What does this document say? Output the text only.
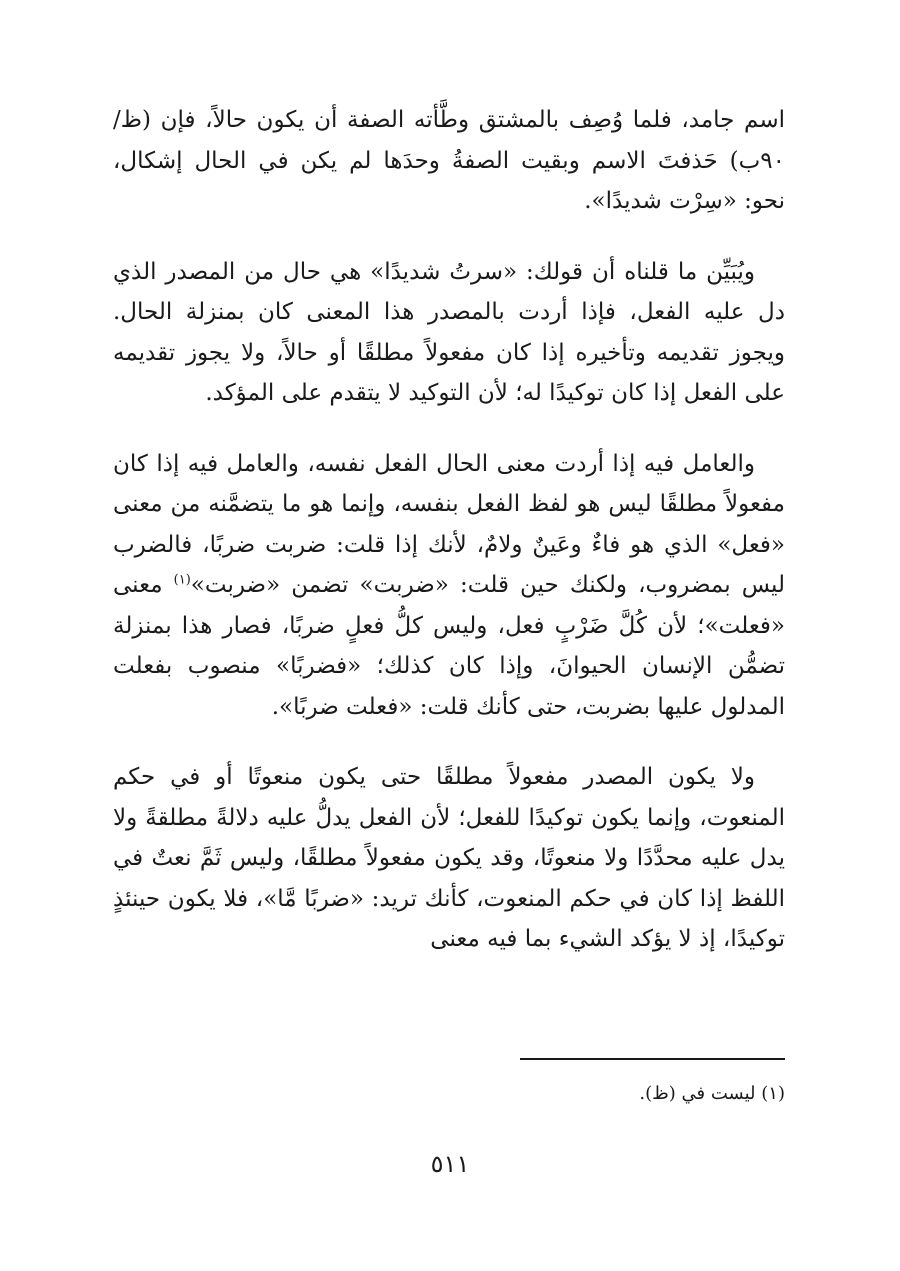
اسم جامد، فلما وُصِف بالمشتق وطَّأته الصفة أن يكون حالاً، فإن (ظ/٩٠ب) حَذفتَ الاسم وبقيت الصفةُ وحدَها لم يكن في الحال إشكال، نحو: «سِرْت شديدًا».

ويُبَيِّن ما قلناه أن قولك: «سرتُ شديدًا» هي حال من المصدر الذي دل عليه الفعل، فإذا أردت بالمصدر هذا المعنى كان بمنزلة الحال. ويجوز تقديمه وتأخيره إذا كان مفعولاً مطلقًا أو حالاً، ولا يجوز تقديمه على الفعل إذا كان توكيدًا له؛ لأن التوكيد لا يتقدم على المؤكد.

والعامل فيه إذا أردت معنى الحال الفعل نفسه، والعامل فيه إذا كان مفعولاً مطلقًا ليس هو لفظ الفعل بنفسه، وإنما هو ما يتضمَّنه من معنى «فعل» الذي هو فاءٌ وعَينٌ ولامٌ، لأنك إذا قلت: ضربت ضربًا، فالضرب ليس بمضروب، ولكنك حين قلت: «ضربت» تضمن «ضربت»$^{(١)}$ معنى «فعلت»؛ لأن كُلَّ ضَرْبٍ فعل، وليس كلُّ فعلٍ ضربًا، فصار هذا بمنزلة تضمُّن الإنسان الحيوانَ، وإذا كان كذلك؛ «فضربًا» منصوب بفعلت المدلول عليها بضربت، حتى كأنك قلت: «فعلت ضربًا».

ولا يكون المصدر مفعولاً مطلقًا حتى يكون منعوتًا أو في حكم المنعوت، وإنما يكون توكيدًا للفعل؛ لأن الفعل يدلُّ عليه دلالةً مطلقةً ولا يدل عليه محدَّدًا ولا منعوتًا، وقد يكون مفعولاً مطلقًا، وليس ثَمَّ نعتٌ في اللفظ إذا كان في حكم المنعوت، كأنك تريد: «ضربًا مَّا»، فلا يكون حينئذٍ توكيدًا، إذ لا يؤكد الشيء بما فيه معنى

(١) ليست في (ظ).
٥١١
